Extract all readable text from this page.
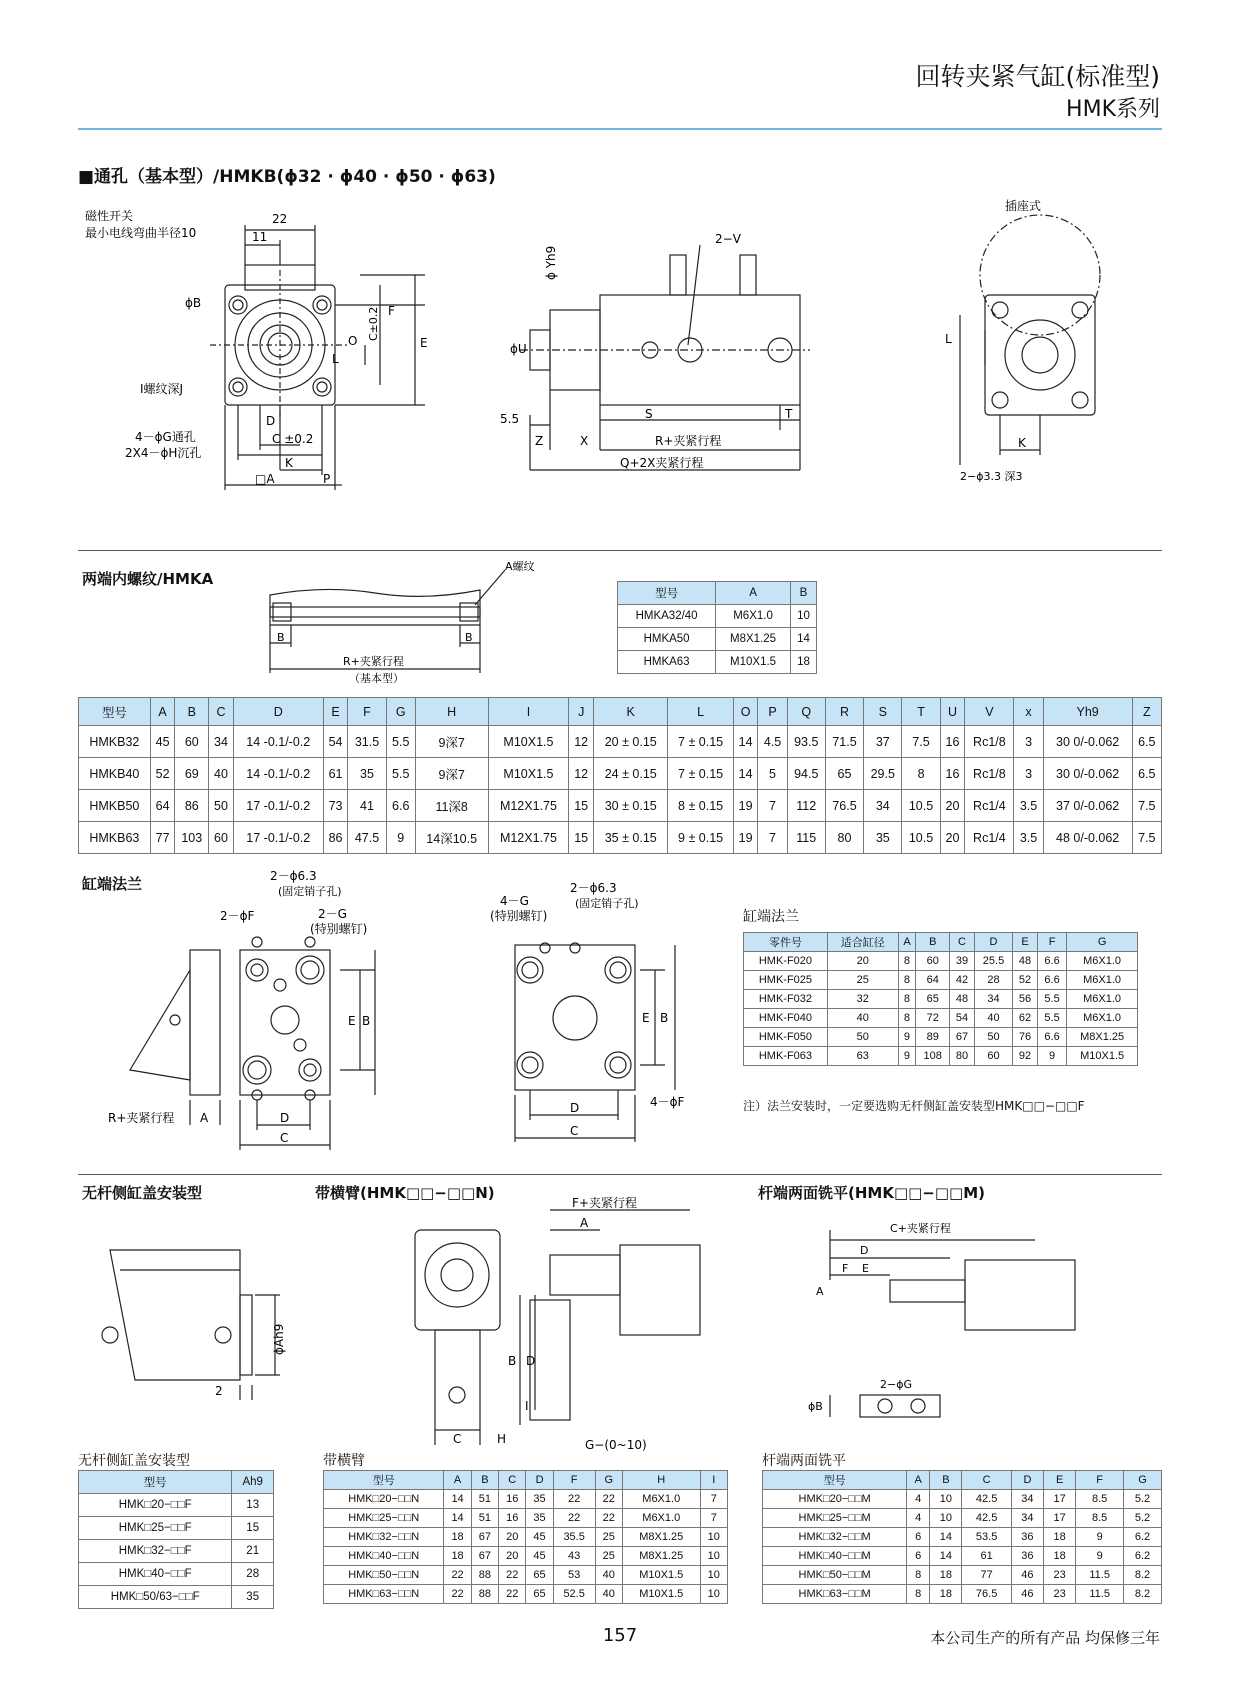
回转夹紧气缸(标准型)
HMK系列
■通孔（基本型）/HMKB(ϕ32 · ϕ40 · ϕ50 · ϕ63)
磁性开关
最小电线弯曲半径10
22
11
ϕB
I螺纹深J
4－ϕG通孔
2X4－ϕH沉孔
D
C ±0.2
K
□A	P
O
L
C±0.2 F
E
ϕ Yh9
2−V
ϕU
5.5	S	T
Z	X	R+夹紧行程
Q+2X夹紧行程
插座式
L
K
2−ϕ3.3 深3
两端内螺纹/HMKA
A螺纹
B	B
R+夹紧行程
（基本型）
型号	A	B
HMKA32/40	M6X1.0	10
HMKA50	M8X1.25	14
HMKA63	M10X1.5	18
型号	A	B	C	D	E	F	G	H	I	J	K	L	O	P	Q	R	S	T	U	V	x	Yh9	Z
HMKB32	45	60	34	14 -0.1/-0.2	54	31.5	5.5	9深7	M10X1.5	12	20 ± 0.15	7 ± 0.15	14	4.5	93.5	71.5	37	7.5	16	Rc1/8	3	30 0/-0.062	6.5
HMKB40	52	69	40	14 -0.1/-0.2	61	35	5.5	9深7	M10X1.5	12	24 ± 0.15	7 ± 0.15	14	5	94.5	65	29.5	8	16	Rc1/8	3	30 0/-0.062	6.5
HMKB50	64	86	50	17 -0.1/-0.2	73	41	6.6	11深8	M12X1.75	15	30 ± 0.15	8 ± 0.15	19	7	112	76.5	34	10.5	20	Rc1/4	3.5	37 0/-0.062	7.5
HMKB63	77	103	60	17 -0.1/-0.2	86	47.5	9	14深10.5	M12X1.75	15	35 ± 0.15	9 ± 0.15	19	7	115	80	35	10.5	20	Rc1/4	3.5	48 0/-0.062	7.5
缸端法兰	2－ϕ6.3
(固定销子孔)
2－ϕF	2－G
(特别螺钉)
E B
D
C
R+夹紧行程 A
4－G
(特别螺钉)
2－ϕ6.3
(固定销子孔)
E B
D
C
4－ϕF
缸端法兰
零件号	适合缸径	A	B	C	D	E	F	G
HMK-F020	20	8	60	39	25.5	48	6.6	M6X1.0
HMK-F025	25	8	64	42	28	52	6.6	M6X1.0
HMK-F032	32	8	65	48	34	56	5.5	M6X1.0
HMK-F040	40	8	72	54	40	62	5.5	M6X1.0
HMK-F050	50	9	89	67	50	76	6.6	M8X1.25
HMK-F063	63	9	108	80	60	92	9	M10X1.5
注）法兰安装时，一定要选购无杆侧缸盖安装型HMK□□−□□F
无杆侧缸盖安装型	带横臂(HMK□□−□□N)	杆端两面铣平(HMK□□−□□M)
ϕAh9
2
F+夹紧行程
A
B D
I
C	H	G−(0~10)
C+夹紧行程
D
F E
A
2−ϕG
ϕB
无杆侧缸盖安装型
型号	Ah9
HMK□20−□□F	13
HMK□25−□□F	15
HMK□32−□□F	21
HMK□40−□□F	28
HMK□50/63−□□F	35
带横臂
型号	A	B	C	D	F	G	H	I
HMK□20−□□N	14	51	16	35	22	22	M6X1.0	7
HMK□25−□□N	14	51	16	35	22	22	M6X1.0	7
HMK□32−□□N	18	67	20	45	35.5	25	M8X1.25	10
HMK□40−□□N	18	67	20	45	43	25	M8X1.25	10
HMK□50−□□N	22	88	22	65	53	40	M10X1.5	10
HMK□63−□□N	22	88	22	65	52.5	40	M10X1.5	10
杆端两面铣平
型号	A	B	C	D	E	F	G
HMK□20−□□M	4	10	42.5	34	17	8.5	5.2
HMK□25−□□M	4	10	42.5	34	17	8.5	5.2
HMK□32−□□M	6	14	53.5	36	18	9	6.2
HMK□40−□□M	6	14	61	36	18	9	6.2
HMK□50−□□M	8	18	77	46	23	11.5	8.2
HMK□63−□□M	8	18	76.5	46	23	11.5	8.2
157	本公司生产的所有产品 均保修三年
